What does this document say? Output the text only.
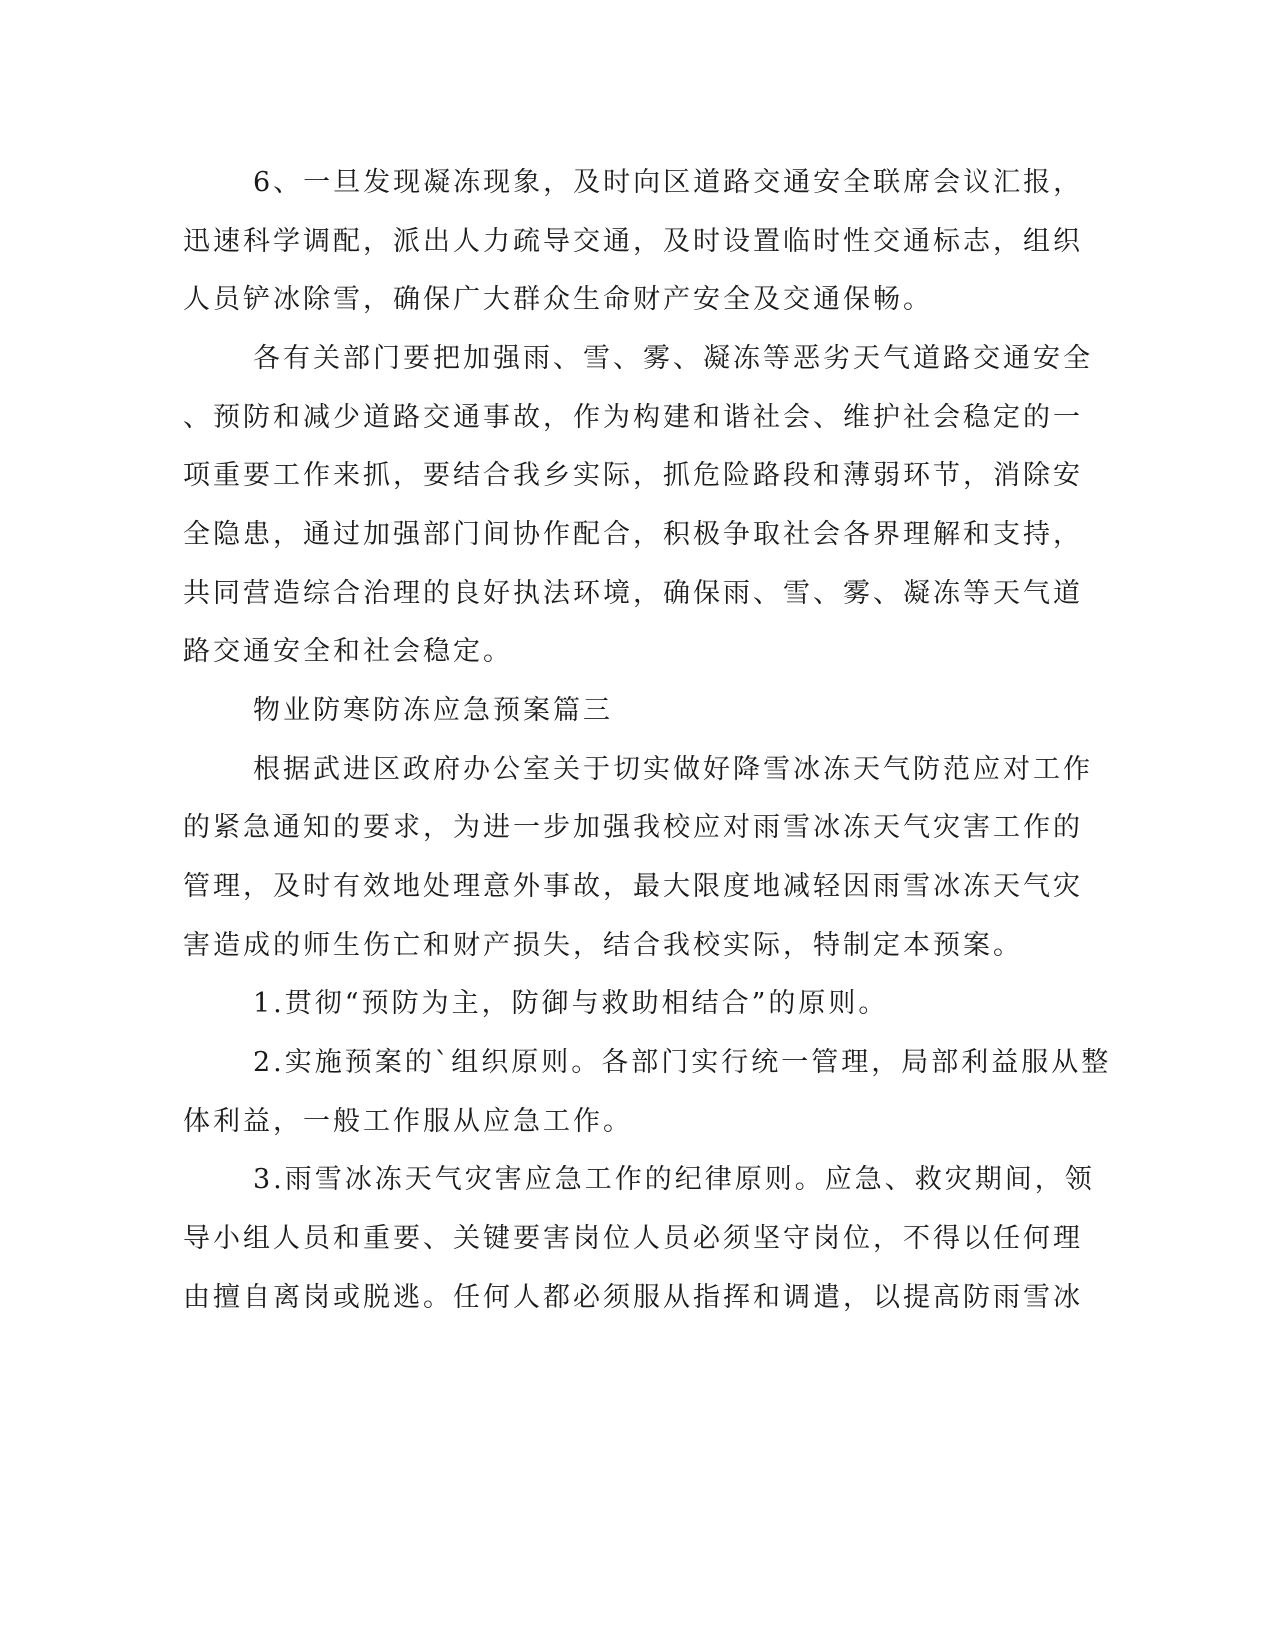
6、一旦发现凝冻现象，及时向区道路交通安全联席会议汇报，
迅速科学调配，派出人力疏导交通，及时设置临时性交通标志，组织
人员铲冰除雪，确保广大群众生命财产安全及交通保畅。
各有关部门要把加强雨、雪、雾、凝冻等恶劣天气道路交通安全
、预防和减少道路交通事故，作为构建和谐社会、维护社会稳定的一
项重要工作来抓，要结合我乡实际，抓危险路段和薄弱环节，消除安
全隐患，通过加强部门间协作配合，积极争取社会各界理解和支持，
共同营造综合治理的良好执法环境，确保雨、雪、雾、凝冻等天气道
路交通安全和社会稳定。
物业防寒防冻应急预案篇三
根据武进区政府办公室关于切实做好降雪冰冻天气防范应对工作
的紧急通知的要求，为进一步加强我校应对雨雪冰冻天气灾害工作的
管理，及时有效地处理意外事故，最大限度地减轻因雨雪冰冻天气灾
害造成的师生伤亡和财产损失，结合我校实际，特制定本预案。
1.贯彻“预防为主，防御与救助相结合”的原则。
2.实施预案的`组织原则。各部门实行统一管理，局部利益服从整
体利益，一般工作服从应急工作。
3.雨雪冰冻天气灾害应急工作的纪律原则。应急、救灾期间，领
导小组人员和重要、关键要害岗位人员必须坚守岗位，不得以任何理
由擅自离岗或脱逃。任何人都必须服从指挥和调遣，以提高防雨雪冰
